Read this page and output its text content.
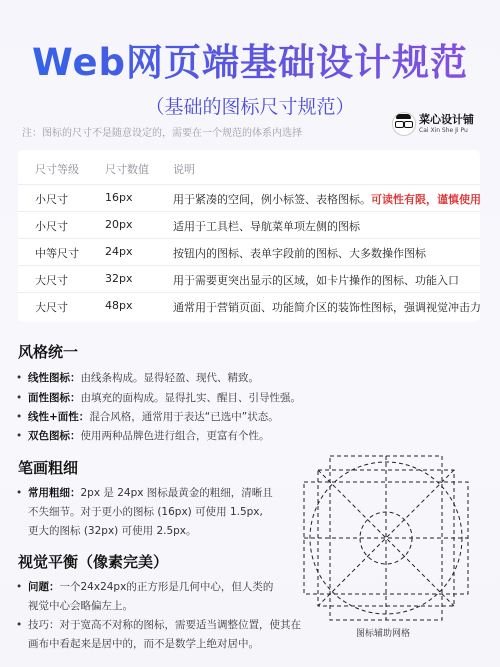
Web网页端基础设计规范
（基础的图标尺寸规范）
注：图标的尺寸不是随意设定的，需要在一个规范的体系内选择
菜心设计铺
Cai Xin She Ji Pu
尺寸等级 尺寸数值 说明
小尺寸	16px	用于紧凑的空间，例小标签、表格图标。可读性有限，谨慎使用
小尺寸	20px	适用于工具栏、导航菜单项左侧的图标
中等尺寸 24px	按钮内的图标、表单字段前的图标、大多数操作图标
大尺寸	32px	用于需要更突出显示的区域，如卡片操作的图标、功能入口
大尺寸	48px	通常用于营销页面、功能简介区的装饰性图标，强调视觉冲击力
风格统一
• 线性图标：由线条构成。显得轻盈、现代、精致。
• 面性图标：由填充的面构成。显得扎实、醒目、引导性强。
• 线性+面性：混合风格，通常用于表达“已选中”状态。
• 双色图标：使用两种品牌色进行组合，更富有个性。
笔画粗细
• 常用粗细：2px 是 24px 图标最黄金的粗细，清晰且
不失细节。对于更小的图标 (16px) 可使用 1.5px,
更大的图标 (32px) 可使用 2.5px。
视觉平衡（像素完美）
• 问题：一个24x24px的正方形是几何中心，但人类的
视觉中心会略偏左上。
• 技巧：对于宽高不对称的图标，需要适当调整位置，使其在
画布中看起来是居中的，而不是数学上绝对居中。
图标辅助网格
